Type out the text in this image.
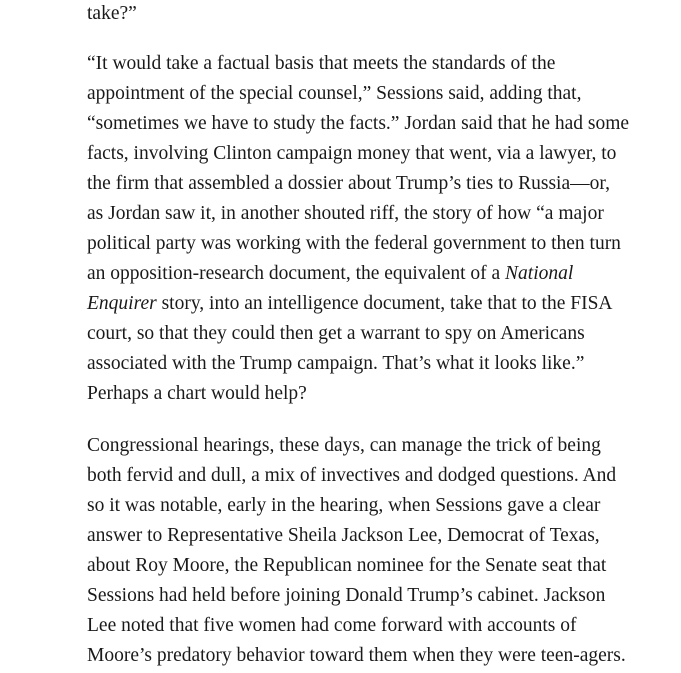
take?”
“It would take a factual basis that meets the standards of the
appointment of the special counsel,” Sessions said, adding that,
“sometimes we have to study the facts.” Jordan said that he had some
facts, involving Clinton campaign money that went, via a lawyer, to
the firm that assembled a dossier about Trump’s ties to Russia—or,
as Jordan saw it, in another shouted riff, the story of how “a major
political party was working with the federal government to then turn
an opposition-research document, the equivalent of a National
Enquirer story, into an intelligence document, take that to the FISA
court, so that they could then get a warrant to spy on Americans
associated with the Trump campaign. That’s what it looks like.”
Perhaps a chart would help?
Congressional hearings, these days, can manage the trick of being
both fervid and dull, a mix of invectives and dodged questions. And
so it was notable, early in the hearing, when Sessions gave a clear
answer to Representative Sheila Jackson Lee, Democrat of Texas,
about Roy Moore, the Republican nominee for the Senate seat that
Sessions had held before joining Donald Trump’s cabinet. Jackson
Lee noted that five women had come forward with accounts of
Moore’s predatory behavior toward them when they were teen-agers.
